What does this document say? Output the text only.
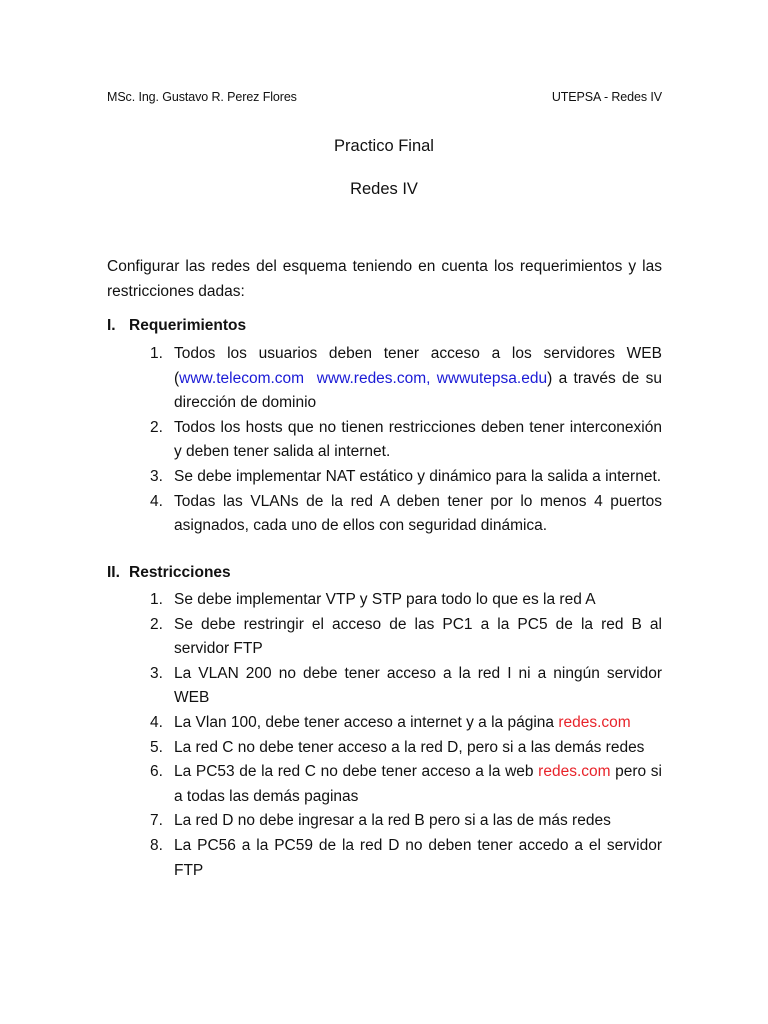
MSc. Ing. Gustavo R. Perez Flores	UTEPSA - Redes IV
Practico Final
Redes IV
Configurar las redes del esquema teniendo en cuenta los requerimientos y las restricciones dadas:
I. Requerimientos
1. Todos los usuarios deben tener acceso a los servidores WEB (www.telecom.com www.redes.com, wwwutepsa.edu) a través de su dirección de dominio
2. Todos los hosts que no tienen restricciones deben tener interconexión y deben tener salida al internet.
3. Se debe implementar NAT estático y dinámico para la salida a internet.
4. Todas las VLANs de la red A deben tener por lo menos 4 puertos asignados, cada uno de ellos con seguridad dinámica.
II. Restricciones
1. Se debe implementar VTP y STP para todo lo que es la red A
2. Se debe restringir el acceso de las PC1 a la PC5 de la red B al servidor FTP
3. La VLAN 200 no debe tener acceso a la red I ni a ningún servidor WEB
4. La Vlan 100, debe tener acceso a internet y a la página redes.com
5. La red C no debe tener acceso a la red D, pero si a las demás redes
6. La PC53 de la red C no debe tener acceso a la web redes.com pero si a todas las demás paginas
7. La red D no debe ingresar a la red B pero si a las de más redes
8. La PC56 a la PC59 de la red D no deben tener accedo a el servidor FTP
